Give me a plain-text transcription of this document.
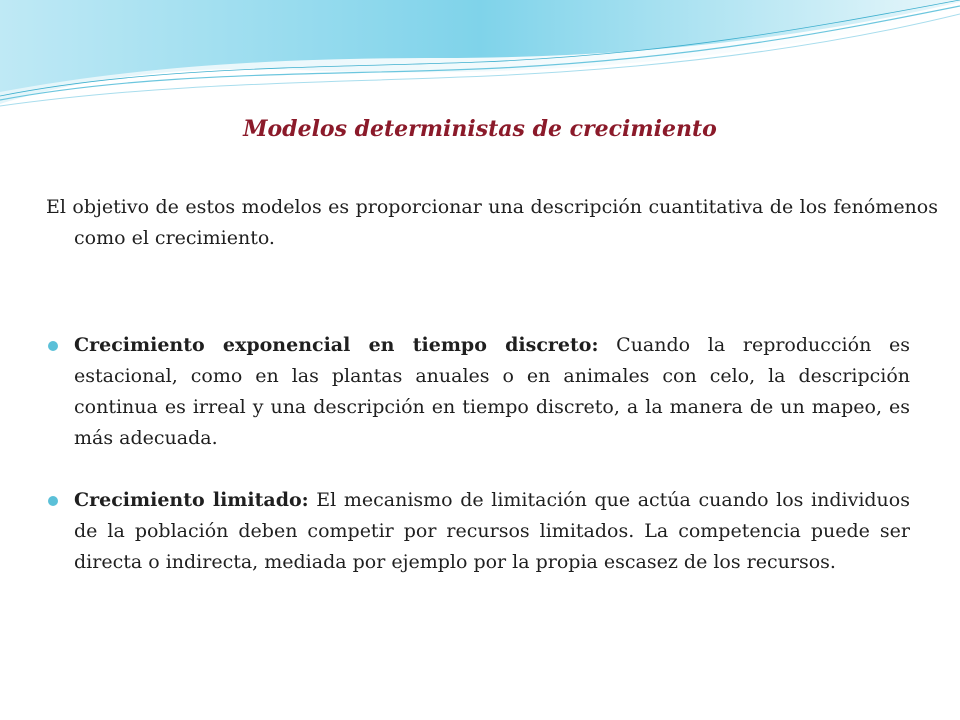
Modelos deterministas de crecimiento

El objetivo de estos modelos es proporcionar una descripción cuantitativa de los fenómenos como el crecimiento.

Crecimiento exponencial en tiempo discreto: Cuando la reproducción es estacional, como en las plantas anuales o en animales con celo, la descripción continua es irreal y una descripción en tiempo discreto, a la manera de un mapeo, es más adecuada.
Crecimiento limitado: El mecanismo de limitación que actúa cuando los individuos de la población deben competir por recursos limitados. La competencia puede ser directa o indirecta, mediada por ejemplo por la propia escasez de los recursos.
